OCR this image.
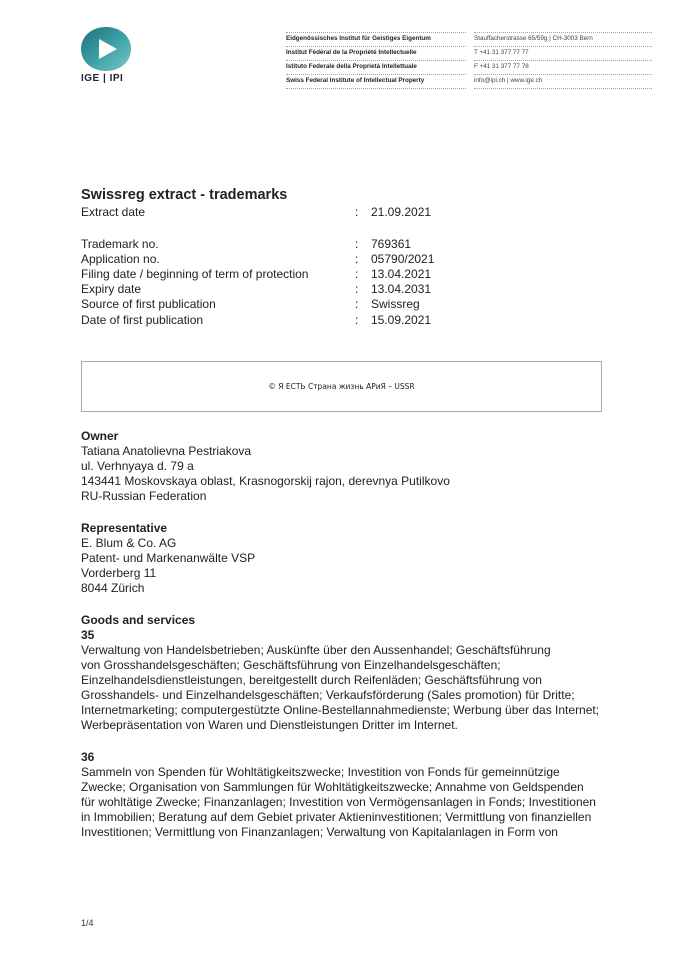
IGE | IPI
Eidgenössisches Institut für Geistiges Eigentum
Institut Fédéral de la Propriété Intellectuelle
Istituto Federale della Proprietà Intellettuale
Swiss Federal Institute of Intellectual Property
Stauffacherstrasse 65/59g | CH-3003 Bern
T +41 31 377 77 77
F +41 31 377 77 78
info@ipi.ch | www.ige.ch
Swissreg extract - trademarks
Extract date	: 21.09.2021
Trademark no.	: 769361
Application no.	: 05790/2021
Filing date / beginning of term of protection	: 13.04.2021
Expiry date	: 13.04.2031
Source of first publication	: Swissreg
Date of first publication	: 15.09.2021
© Я ЕСТЬ Страна жизнь АРиЯ – USSR
Owner
Tatiana Anatolievna Pestriakova
ul. Verhnyaya d. 79 a
143441 Moskovskaya oblast, Krasnogorskij rajon, derevnya Putilkovo
RU-Russian Federation
Representative
E. Blum & Co. AG
Patent- und Markenanwälte VSP
Vorderberg 11
8044 Zürich
Goods and services
35
Verwaltung von Handelsbetrieben; Auskünfte über den Aussenhandel; Geschäftsführung
von Grosshandelsgeschäften; Geschäftsführung von Einzelhandelsgeschäften;
Einzelhandelsdienstleistungen, bereitgestellt durch Reifenläden; Geschäftsführung von
Grosshandels- und Einzelhandelsgeschäften; Verkaufsförderung (Sales promotion) für Dritte;
Internetmarketing; computergestützte Online-Bestellannahmedienste; Werbung über das Internet;
Werbepräsentation von Waren und Dienstleistungen Dritter im Internet.
36
Sammeln von Spenden für Wohltätigkeitszwecke; Investition von Fonds für gemeinnützige
Zwecke; Organisation von Sammlungen für Wohltätigkeitszwecke; Annahme von Geldspenden
für wohltätige Zwecke; Finanzanlagen; Investition von Vermögensanlagen in Fonds; Investitionen
in Immobilien; Beratung auf dem Gebiet privater Aktieninvestitionen; Vermittlung von finanziellen
Investitionen; Vermittlung von Finanzanlagen; Verwaltung von Kapitalanlagen in Form von
1/4
